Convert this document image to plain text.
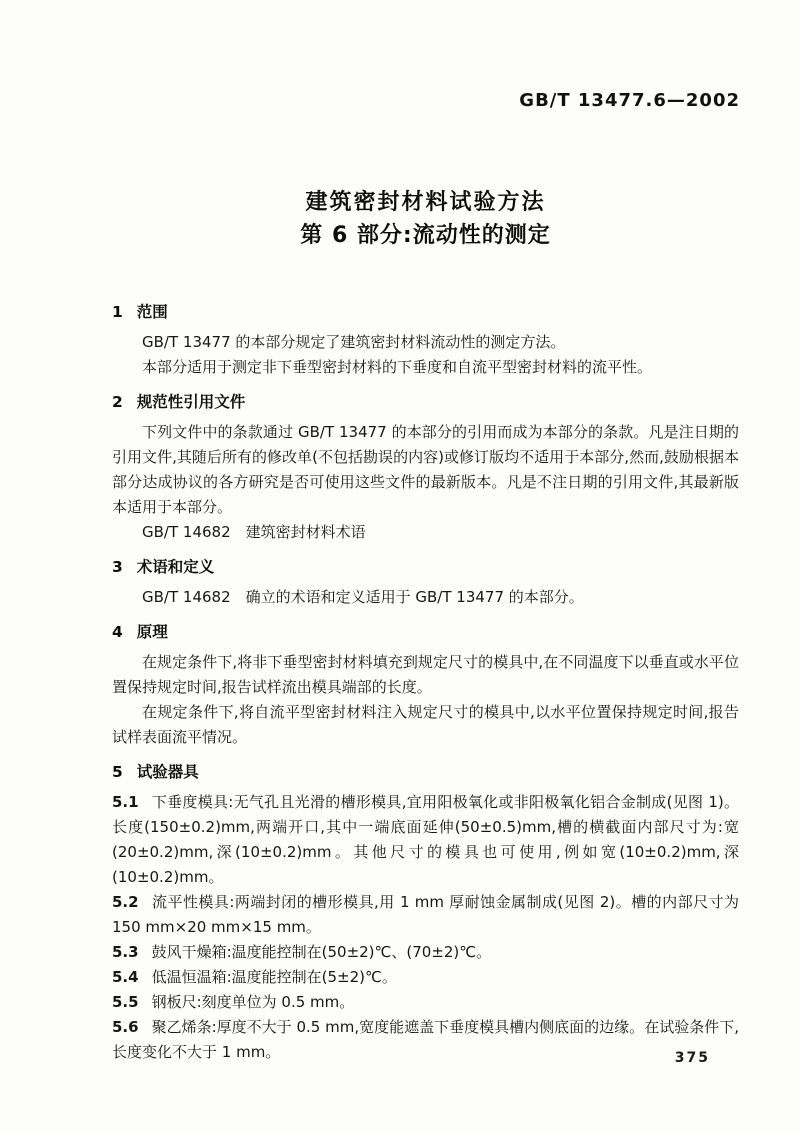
GB/T 13477.6—2002
建筑密封材料试验方法
第 6 部分:流动性的测定
1 范围

GB/T 13477 的本部分规定了建筑密封材料流动性的测定方法。

本部分适用于测定非下垂型密封材料的下垂度和自流平型密封材料的流平性。

2 规范性引用文件

下列文件中的条款通过 GB/T 13477 的本部分的引用而成为本部分的条款。凡是注日期的引用文件,其随后所有的修改单(不包括勘误的内容)或修订版均不适用于本部分,然而,鼓励根据本部分达成协议的各方研究是否可使用这些文件的最新版本。凡是不注日期的引用文件,其最新版本适用于本部分。

GB/T 14682　建筑密封材料术语

3 术语和定义

GB/T 14682　确立的术语和定义适用于 GB/T 13477 的本部分。

4 原理

在规定条件下,将非下垂型密封材料填充到规定尺寸的模具中,在不同温度下以垂直或水平位置保持规定时间,报告试样流出模具端部的长度。

在规定条件下,将自流平型密封材料注入规定尺寸的模具中,以水平位置保持规定时间,报告试样表面流平情况。

5 试验器具

5.1 下垂度模具:无气孔且光滑的槽形模具,宜用阳极氧化或非阳极氧化铝合金制成(见图 1)。长度(150±0.2)mm,两端开口,其中一端底面延伸(50±0.5)mm,槽的横截面内部尺寸为:宽(20±0.2)mm,深(10±0.2)mm。其他尺寸的模具也可使用,例如宽(10±0.2)mm,深(10±0.2)mm。

5.2 流平性模具:两端封闭的槽形模具,用 1 mm 厚耐蚀金属制成(见图 2)。槽的内部尺寸为 150 mm×20 mm×15 mm。

5.3 鼓风干燥箱:温度能控制在(50±2)℃、(70±2)℃。

5.4 低温恒温箱:温度能控制在(5±2)℃。

5.5 钢板尺:刻度单位为 0.5 mm。

5.6 聚乙烯条:厚度不大于 0.5 mm,宽度能遮盖下垂度模具槽内侧底面的边缘。在试验条件下,长度变化不大于 1 mm。	375
